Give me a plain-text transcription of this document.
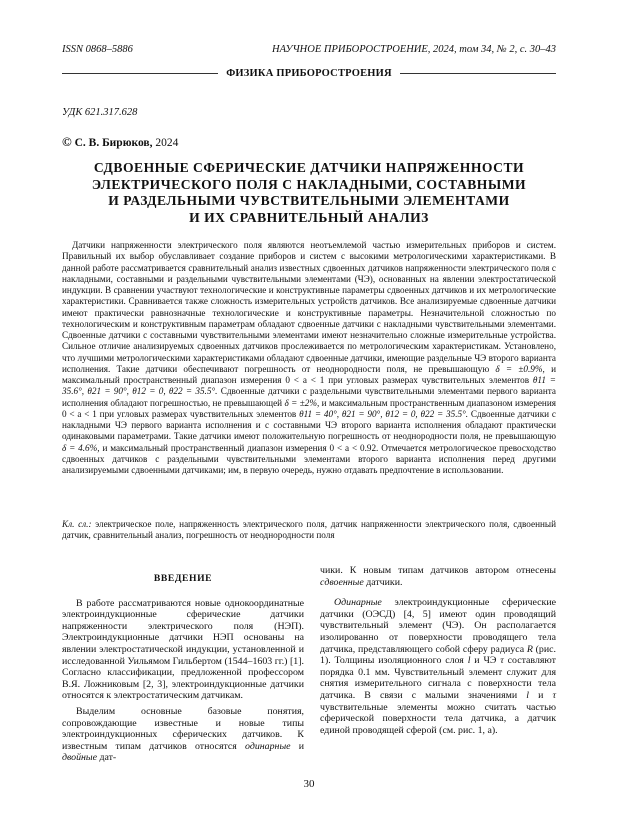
ISSN 0868–5886	НАУЧНОЕ ПРИБОРОСТРОЕНИЕ, 2024, том 34, № 2, с. 30–43
ФИЗИКА ПРИБОРОСТРОЕНИЯ
УДК 621.317.628
© С. В. Бирюков, 2024
СДВОЕННЫЕ СФЕРИЧЕСКИЕ ДАТЧИКИ НАПРЯЖЕННОСТИ
ЭЛЕКТРИЧЕСКОГО ПОЛЯ С НАКЛАДНЫМИ, СОСТАВНЫМИ
И РАЗДЕЛЬНЫМИ ЧУВСТВИТЕЛЬНЫМИ ЭЛЕМЕНТАМИ
И ИХ СРАВНИТЕЛЬНЫЙ АНАЛИЗ
Датчики напряженности электрического поля являются неотъемлемой частью измерительных приборов и систем. Правильный их выбор обуславливает создание приборов и систем с высокими метрологическими характеристиками. В данной работе рассматривается сравнительный анализ известных сдвоенных датчиков напряженности электрического поля с накладными, составными и раздельными чувствительными элементами (ЧЭ), основанных на явлении электростатической индукции. В сравнении участвуют технологические и конструктивные параметры сдвоенных датчиков и их метрологические характеристики. Сравнивается также сложность измерительных устройств датчиков. Все анализируемые сдвоенные датчики имеют практически равнозначные технологические и конструктивные параметры. Незначительной сложностью по технологическим и конструктивным параметрам обладают сдвоенные датчики с накладными чувствительными элементами. Сдвоенные датчики с составными чувствительными элементами имеют незначительно сложные измерительные устройства. Сильное отличие анализируемых сдвоенных датчиков прослеживается по метрологическим характеристикам. Установлено, что лучшими метрологическими характеристиками обладают сдвоенные датчики, имеющие раздельные ЧЭ второго варианта исполнения. Такие датчики обеспечивают погрешность от неоднородности поля, не превышающую δ = ±0.9%, и максимальный пространственный диапазон измерения 0 < a < 1 при угловых размерах чувствительных элементов θ11 = 35.6°, θ21 = 90°, θ12 = 0, θ22 = 35.5°. Сдвоенные датчики с раздельными чувствительными элементами первого варианта исполнения обладают погрешностью, не превышающей δ = ±2%, и максимальным пространственным диапазоном измерения 0 < a < 1 при угловых размерах чувствительных элементов θ11 = 40°, θ21 = 90°, θ12 = 0, θ22 = 35.5°. Сдвоенные датчики с накладными ЧЭ первого варианта исполнения и с составными ЧЭ второго варианта исполнения обладают практически одинаковыми параметрами. Такие датчики имеют положительную погрешность от неоднородности поля, не превышающую δ = 4.6%, и максимальный пространственный диапазон измерения 0 < a < 0.92. Отмечается метрологическое превосходство сдвоенных датчиков с раздельными чувствительными элементами второго варианта исполнения перед другими анализируемыми сдвоенными датчиками; им, в первую очередь, нужно отдавать предпочтение в использовании.
Кл. сл.: электрическое поле, напряженность электрического поля, датчик напряженности электрического поля, сдвоенный датчик, сравнительный анализ, погрешность от неоднородности поля
ВВЕДЕНИЕ

В работе рассматриваются новые однокоординатные электроиндукционные сферические датчики напряженности электрического поля (НЭП). Электроиндукционные датчики НЭП основаны на явлении электростатической индукции, установленной и исследованной Уильямом Гильбертом (1544–1603 гг.) [1]. Согласно классификации, предложенной профессором В.Я. Ложниковым [2, 3], электроиндукционные датчики относятся к электростатическим датчикам.

Выделим основные базовые понятия, сопровождающие известные и новые типы электроиндукционных сферических датчиков. К известным типам датчиков относятся одинарные и двойные дат-

чики. К новым типам датчиков автором отнесены сдвоенные датчики.

Одинарные электроиндукционные сферические датчики (ОЭСД) [4, 5] имеют один проводящий чувствительный элемент (ЧЭ). Он располагается изолированно от поверхности проводящего тела датчика, представляющего собой сферу радиуса R (рис. 1). Толщины изоляционного слоя l и ЧЭ τ составляют порядка 0.1 мм. Чувствительный элемент служит для снятия измерительного сигнала с поверхности тела датчика. В связи с малыми значениями l и τ чувствительные элементы можно считать частью сферической поверхности тела датчика, а датчик единой проводящей сферой (см. рис. 1, а).

30
